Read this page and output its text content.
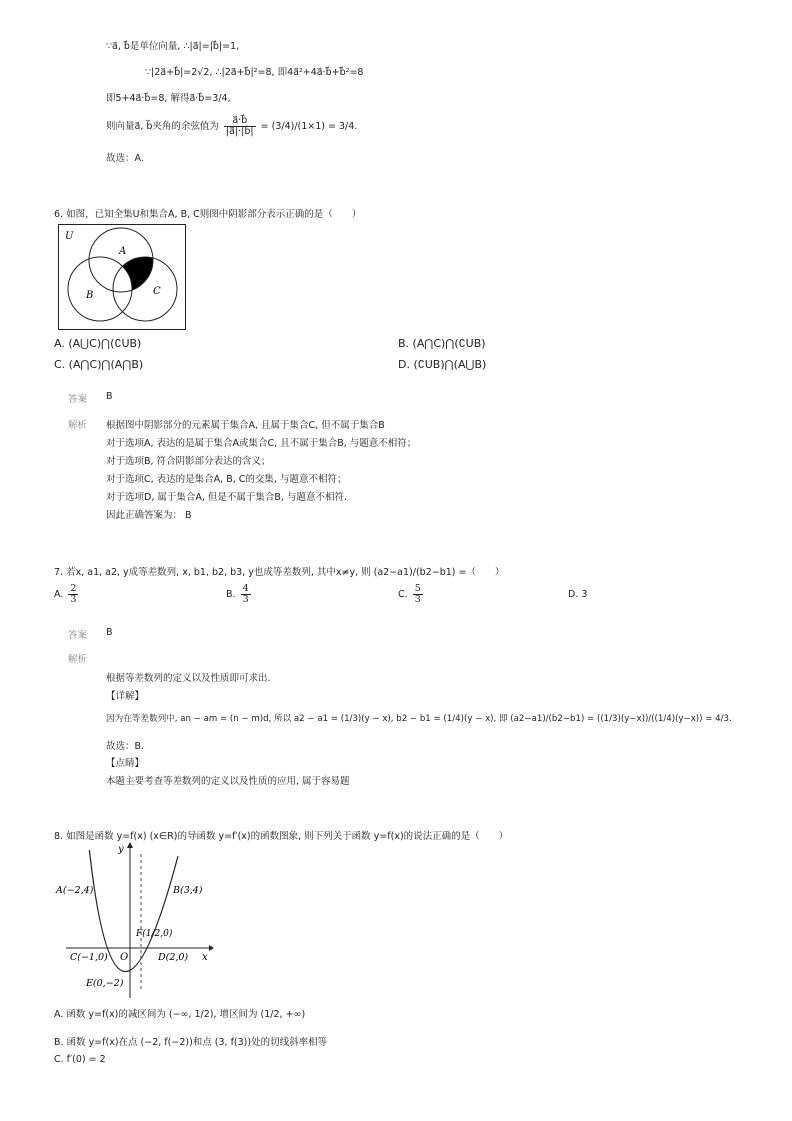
∵a⃗, b⃗是单位向量, ∴|a⃗|=|b⃗|=1,
∵|2a⃗+b⃗|=2√2, ∴|2a⃗+b⃗|²=8, 即4a⃗²+4a⃗·b⃗+b⃗²=8
即5+4a⃗·b⃗=8, 解得a⃗·b⃗=3/4,
则向量a⃗, b⃗夹角的余弦值为 $\frac{a⃗\cdot b⃗}{|a⃗|\cdot|b⃗|} = (3/4)/(1\times 1) = 3/4$.
故选：A.
6. 如图，已知全集U和集合A, B, C则图中阴影部分表示正确的是（　　）
U
A
B	C
A. (A⋃C)⋂(∁UB)	B. (A⋂C)⋂(∁UB)
C. (A⋂C)⋂(A⋂B)	D. (∁UB)⋂(A⋃B)
答案 B
解析 根据图中阴影部分的元素属于集合A, 且属于集合C, 但不属于集合B
对于选项A, 表达的是属于集合A或集合C, 且不属于集合B, 与题意不相符；
对于选项B, 符合阴影部分表达的含义；
对于选项C, 表达的是集合A, B, C的交集, 与题意不相符；
对于选项D, 属于集合A, 但是不属于集合B, 与题意不相符.
因此正确答案为： B
7. 若x, a1, a2, y成等差数列, x, b1, b2, b3, y也成等差数列, 其中x≠y, 则 (a2−a1)/(b2−b1) =（　　）
A. $\frac{2}{3}$	B. $\frac{4}{3}$	C. $\frac{5}{3}$	D. 3
答案 B
解析
根据等差数列的定义以及性质即可求出.
【详解】
因为在等差数列中, an − am = (n − m)d, 所以 a2 − a1 = (1/3)(y − x), b2 − b1 = (1/4)(y − x), 即 (a2−a1)/(b2−b1) = ((1/3)(y−x))/((1/4)(y−x)) = 4/3.
故选：B.
【点睛】
本题主要考查等差数列的定义以及性质的应用, 属于容易题
8. 如图是函数 y=f(x) (x∈R)的导函数 y=f′(x)的函数图象, 则下列关于函数 y=f(x)的说法正确的是（　　）
y
x
O
A(−2,4)	B(3,4)
F(1/2,0)
C(−1,0)	D(2,0)
E(0,−2)
A. 函数 y=f(x)的减区间为 (−∞, 1/2), 增区间为 (1/2, +∞)
B. 函数 y=f(x)在点 (−2, f(−2))和点 (3, f(3))处的切线斜率相等
C. f′(0) = 2
